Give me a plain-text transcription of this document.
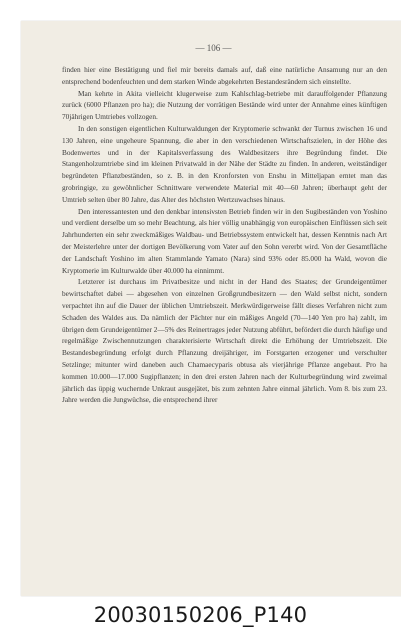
— 106 —

finden hier eine Bestätigung und fiel mir bereits damals auf, daß eine natürliche Ansamung nur an den entsprechend bodenfeuchten und dem starken Winde abgekehrten Bestandesrändern sich einstellte.

Man kehrte in Akita vielleicht klugerweise zum Kahlschlag-betriebe mit darauffolgender Pflanzung zurück (6000 Pflanzen pro ha); die Nutzung der vorrätigen Bestände wird unter der Annahme eines künftigen 70jährigen Umtriebes vollzogen.

In den sonstigen eigentlichen Kulturwaldungen der Kryptomerie schwankt der Turnus zwischen 16 und 130 Jahren, eine ungeheure Spannung, die aber in den verschiedenen Wirtschaftszielen, in der Höhe des Bodenwertes und in der Kapitalsverfassung des Waldbesitzers ihre Begründung findet. Die Stangenholzumtriebe sind im kleinen Privatwald in der Nähe der Städte zu finden. In anderen, weitständiger begründeten Pflanzbeständen, so z. B. in den Kronforsten von Enshu in Mitteljapan erntet man das grobringige, zu gewöhnlicher Schnittware verwendete Material mit 40—60 Jahren; überhaupt geht der Umtrieb selten über 80 Jahre, das Alter des höchsten Wertzuwachses hinaus.

Den interessantesten und den denkbar intensivsten Betrieb finden wir in den Sugibeständen von Yoshino und verdient derselbe um so mehr Beachtung, als hier völlig unabhängig von europäischen Einflüssen sich seit Jahrhunderten ein sehr zweckmäßiges Waldbau- und Betriebssystem entwickelt hat, dessen Kenntnis nach Art der Meisterlehre unter der dortigen Bevölkerung vom Vater auf den Sohn vererbt wird. Von der Gesamtfläche der Landschaft Yoshino im alten Stammlande Yamato (Nara) sind 93% oder 85.000 ha Wald, wovon die Kryptomerie im Kulturwalde über 40.000 ha einnimmt.

Letzterer ist durchaus im Privatbesitze und nicht in der Hand des Staates; der Grundeigentümer bewirtschaftet dabei — abgesehen von einzelnen Großgrundbesitzern — den Wald selbst nicht, sondern verpachtet ihn auf die Dauer der üblichen Umtriebszeit. Merkwürdigerweise fällt dieses Verfahren nicht zum Schaden des Waldes aus. Da nämlich der Pächter nur ein mäßiges Angeld (70—140 Yen pro ha) zahlt, im übrigen dem Grundeigentümer 2—5% des Reinertrages jeder Nutzung abführt, befördert die durch häufige und regelmäßige Zwischennutzungen charakterisierte Wirtschaft direkt die Erhöhung der Umtriebszeit. Die Bestandesbegründung erfolgt durch Pflanzung dreijähriger, im Forstgarten erzogener und verschulter Setzlinge; mitunter wird daneben auch Chamaecyparis obtusa als vierjährige Pflanze angebaut. Pro ha kommen 10.000—17.000 Sugipflanzen; in den drei ersten Jahren nach der Kulturbegründung wird zweimal jährlich das üppig wuchernde Unkraut ausgejätet, bis zum zehnten Jahre einmal jährlich. Vom 8. bis zum 23. Jahre werden die Jungwüchse, die entsprechend ihrer

20030150206_P140
